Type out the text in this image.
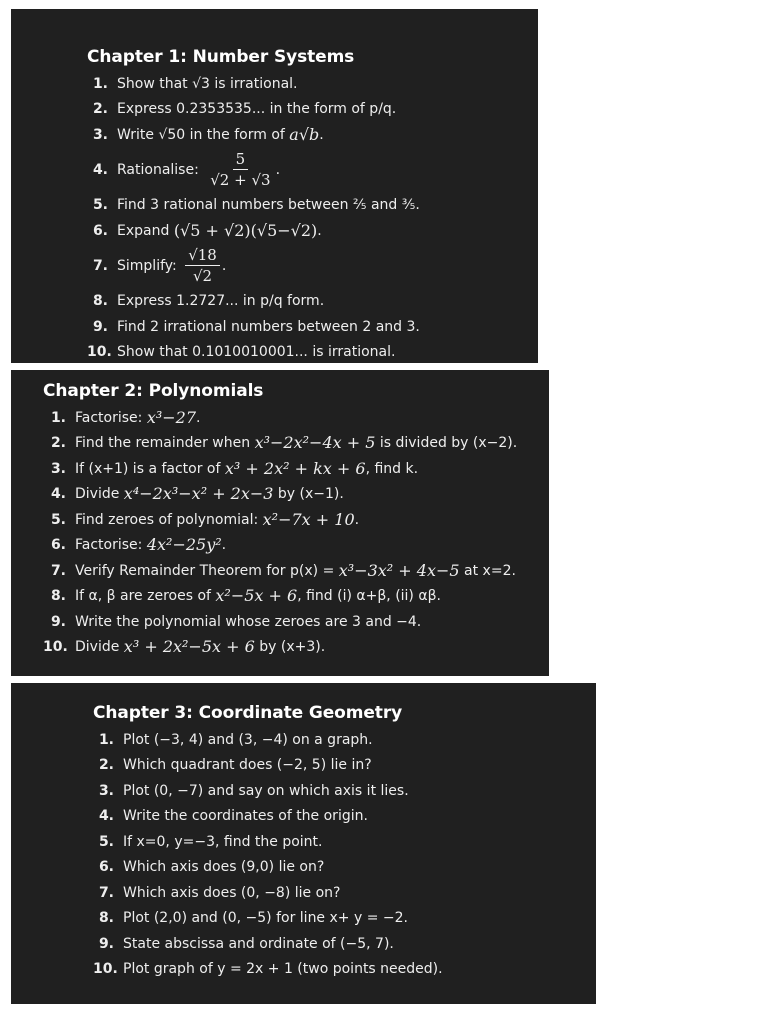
Chapter 1: Number Systems
1. Show that √3 is irrational.
2. Express 0.2353535... in the form of p/q.
3. Write √50 in the form of a√b .
4. Rationalise: $\frac{5}{√2 + √3}$ .
5. Find 3 rational numbers between ⅖ and ⅗.
6. Expand (√5 + √2)(√5−√2) .
7. Simplify: $\frac{√18}{√2}$ .
8. Express 1.2727... in p/q form.
9. Find 2 irrational numbers between 2 and 3.
10. Show that 0.1010010001... is irrational.
Chapter 2: Polynomials
1. Factorise: x³−27 .
2. Find the remainder when x³−2x²−4x + 5 is divided by (x−2).
3. If (x+1) is a factor of x³ + 2x² + kx + 6 , find k.
4. Divide x⁴−2x³−x² + 2x−3 by (x−1).
5. Find zeroes of polynomial: x²−7x + 10 .
6. Factorise: 4x²−25y² .
7. Verify Remainder Theorem for p(x) = x³−3x² + 4x−5 at x=2.
8. If α, β are zeroes of x²−5x + 6 , find (i) α+β, (ii) αβ.
9. Write the polynomial whose zeroes are 3 and −4.
10. Divide x³ + 2x²−5x + 6 by (x+3).
Chapter 3: Coordinate Geometry
1. Plot (−3, 4) and (3, −4) on a graph.
2. Which quadrant does (−2, 5) lie in?
3. Plot (0, −7) and say on which axis it lies.
4. Write the coordinates of the origin.
5. If x=0, y=−3, find the point.
6. Which axis does (9,0) lie on?
7. Which axis does (0, −8) lie on?
8. Plot (2,0) and (0, −5) for line x+ y = −2.
9. State abscissa and ordinate of (−5, 7).
10. Plot graph of y = 2x + 1 (two points needed).
